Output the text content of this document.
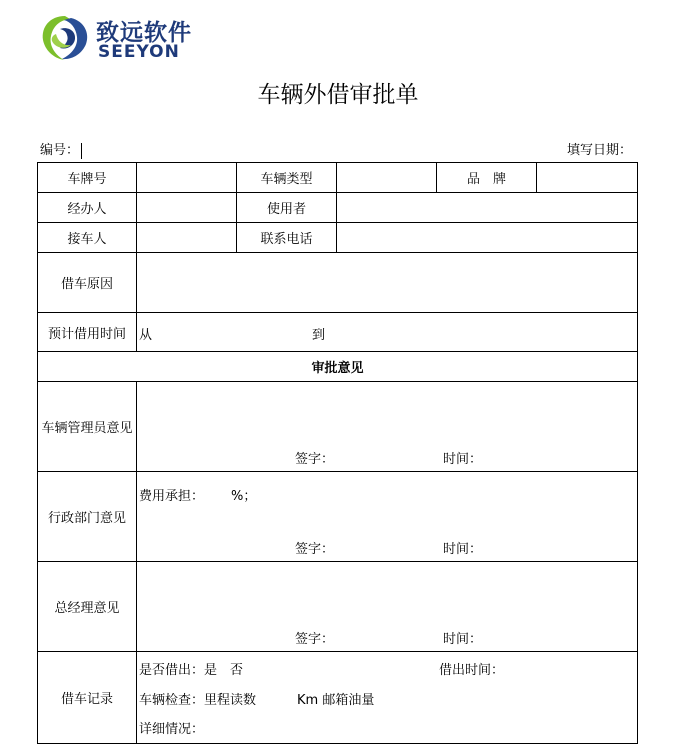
致远软件
SEEYON
车辆外借审批单
编号：	填写日期：
车牌号		车辆类型		品　牌	
经办人		使用者			
接车人		联系电话			
借车原因					
预计借用时间	从 到				

审批意见					
车辆管理员意见	签字： 时间：				

行政部门意见	费用承担： %；
签字： 时间：				

总经理意见	签字： 时间：				

借车记录	是否借出：是　否 借出时间：
车辆检查：里程读数 Km 邮箱油量
详细情况：				
